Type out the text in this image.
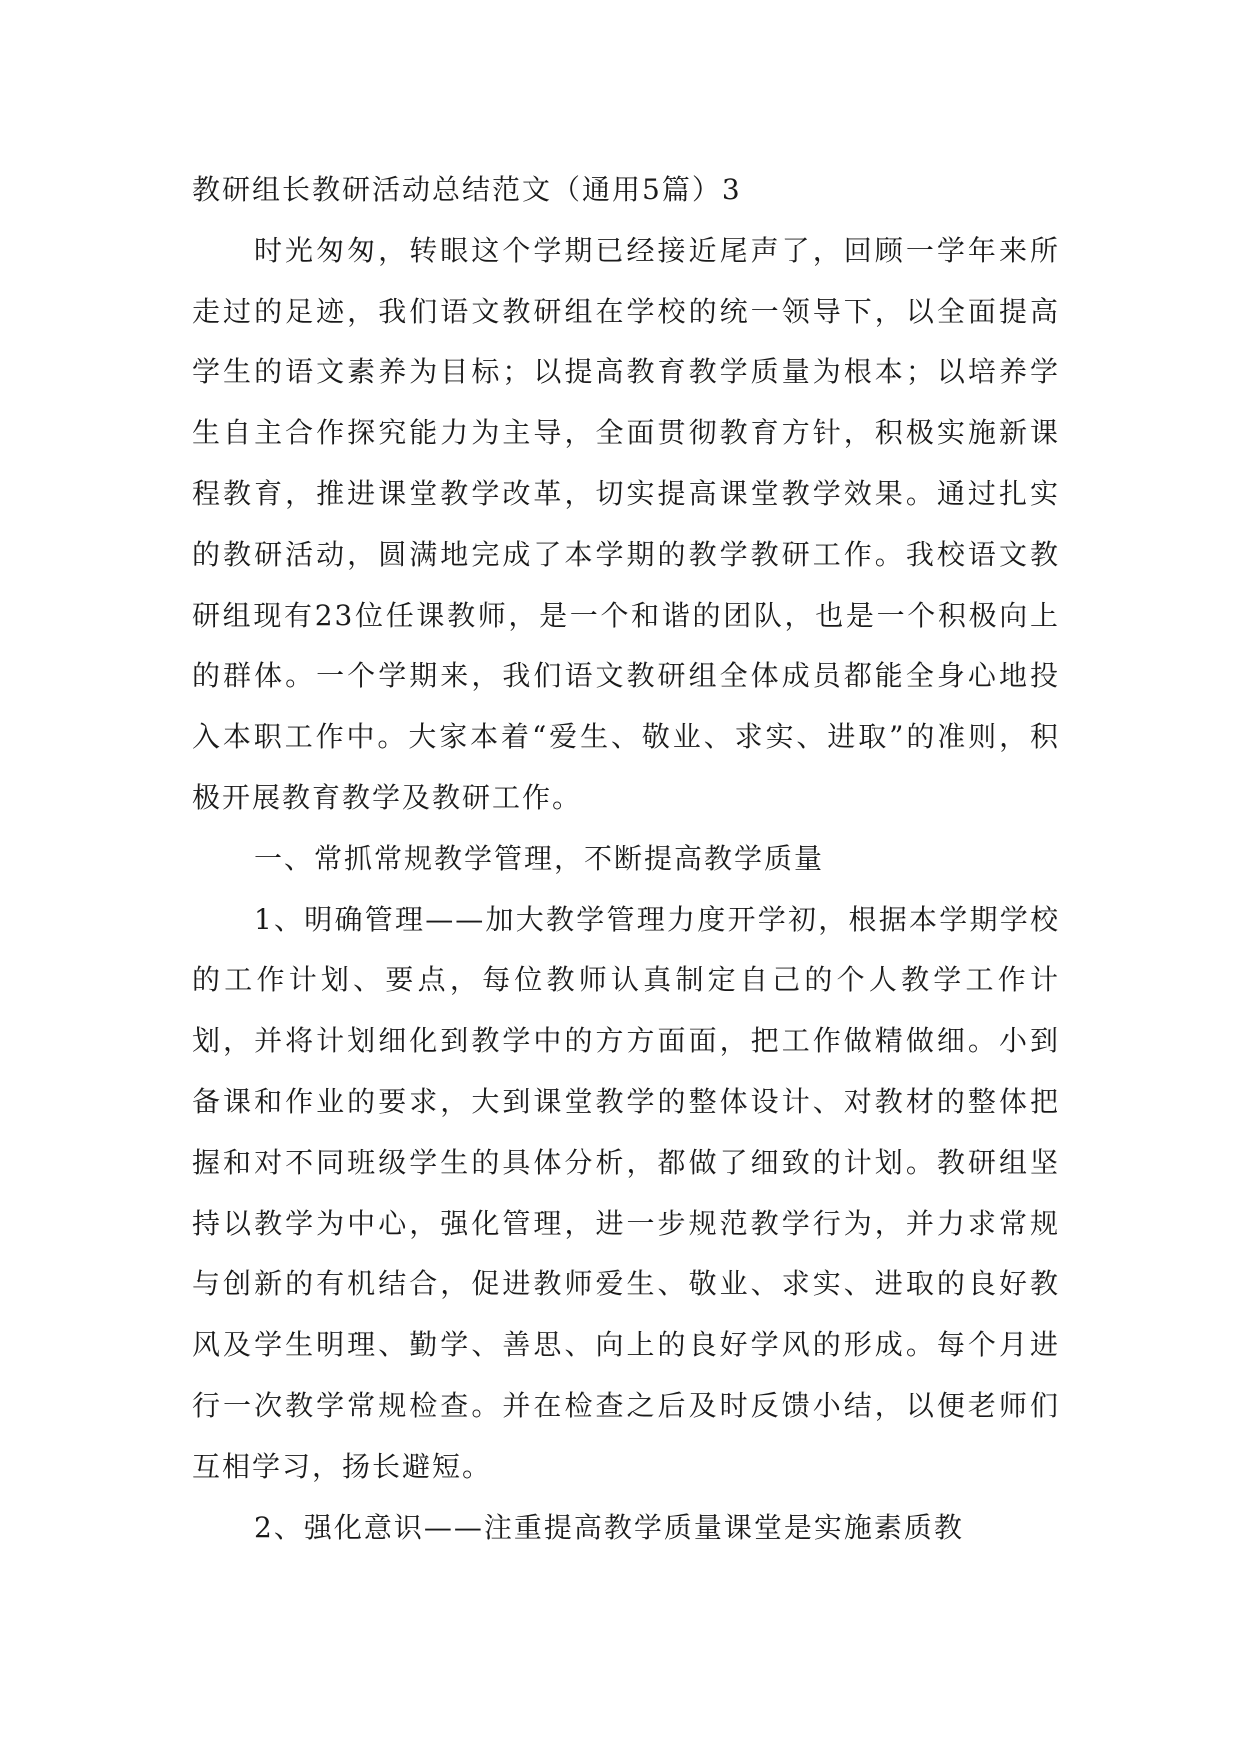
教研组长教研活动总结范文（通用5篇）3

时光匆匆，转眼这个学期已经接近尾声了，回顾一学年来所走过的足迹，我们语文教研组在学校的统一领导下，以全面提高学生的语文素养为目标；以提高教育教学质量为根本；以培养学生自主合作探究能力为主导，全面贯彻教育方针，积极实施新课程教育，推进课堂教学改革，切实提高课堂教学效果。通过扎实的教研活动，圆满地完成了本学期的教学教研工作。我校语文教研组现有23位任课教师，是一个和谐的团队，也是一个积极向上的群体。一个学期来，我们语文教研组全体成员都能全身心地投入本职工作中。大家本着“爱生、敬业、求实、进取”的准则，积极开展教育教学及教研工作。

一、常抓常规教学管理，不断提高教学质量

1、明确管理——加大教学管理力度开学初，根据本学期学校的工作计划、要点，每位教师认真制定自己的个人教学工作计划，并将计划细化到教学中的方方面面，把工作做精做细。小到备课和作业的要求，大到课堂教学的整体设计、对教材的整体把握和对不同班级学生的具体分析，都做了细致的计划。教研组坚持以教学为中心，强化管理，进一步规范教学行为，并力求常规与创新的有机结合，促进教师爱生、敬业、求实、进取的良好教风及学生明理、勤学、善思、向上的良好学风的形成。每个月进行一次教学常规检查。并在检查之后及时反馈小结，以便老师们互相学习，扬长避短。

2、强化意识——注重提高教学质量课堂是实施素质教
